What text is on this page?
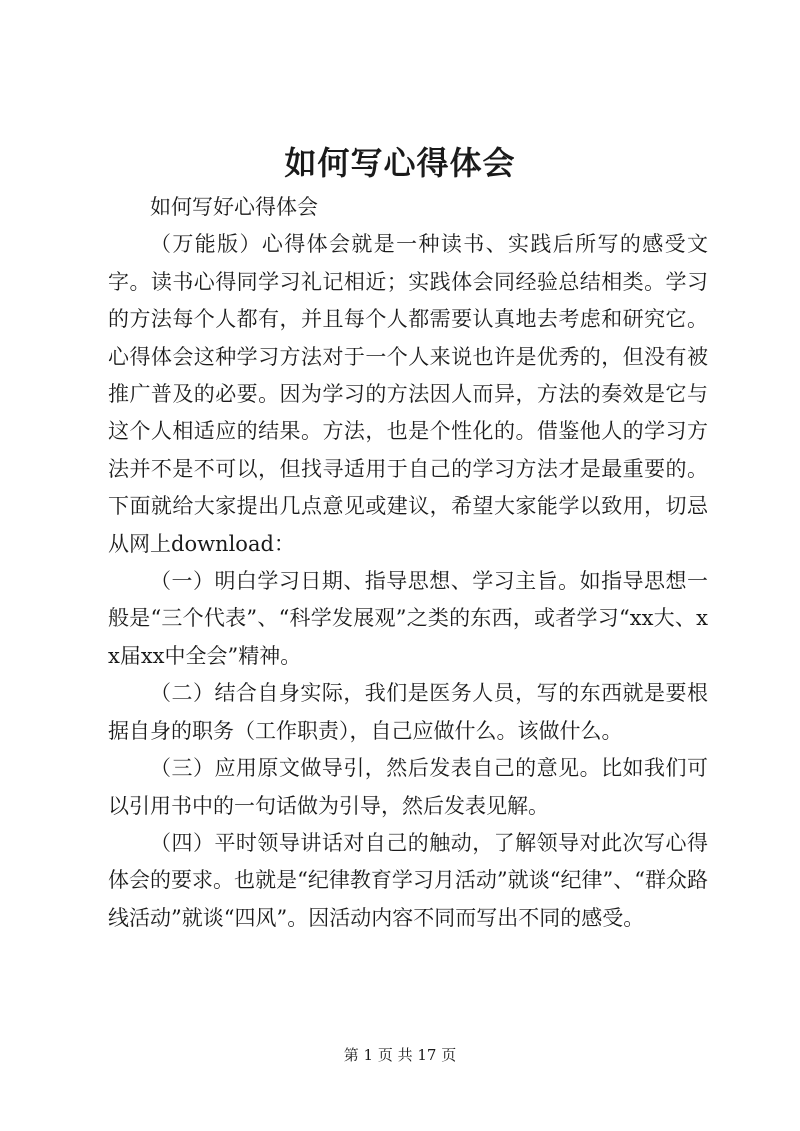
如何写心得体会

如何写好心得体会

（万能版）心得体会就是一种读书、实践后所写的感受文字。读书心得同学习礼记相近；实践体会同经验总结相类。学习的方法每个人都有，并且每个人都需要认真地去考虑和研究它。心得体会这种学习方法对于一个人来说也许是优秀的，但没有被推广普及的必要。因为学习的方法因人而异，方法的奏效是它与这个人相适应的结果。方法，也是个性化的。借鉴他人的学习方法并不是不可以，但找寻适用于自己的学习方法才是最重要的。下面就给大家提出几点意见或建议，希望大家能学以致用，切忌从网上download：

（一）明白学习日期、指导思想、学习主旨。如指导思想一般是“三个代表”、“科学发展观”之类的东西，或者学习“xx大、xx届xx中全会”精神。

（二）结合自身实际，我们是医务人员，写的东西就是要根据自身的职务（工作职责），自己应做什么。该做什么。

（三）应用原文做导引，然后发表自己的意见。比如我们可以引用书中的一句话做为引导，然后发表见解。

（四）平时领导讲话对自己的触动，了解领导对此次写心得体会的要求。也就是“纪律教育学习月活动”就谈“纪律”、“群众路线活动”就谈“四风”。因活动内容不同而写出不同的感受。

第 1 页 共 17 页
